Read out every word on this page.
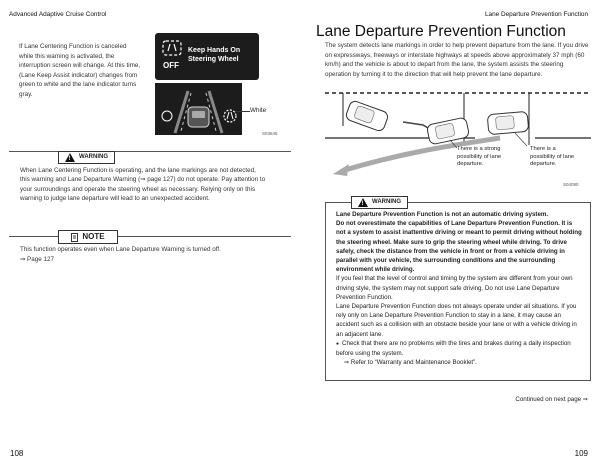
Advanced Adaptive Cruise Control
If Lane Centering Function is canceled while this warning is activated, the interruption screen will change. At this time, (Lane Keep Assist indicator) changes from green to white and the lane indicator turns gray.
OFF
Keep Hands On
Steering Wheel
White
S03645
!
WARNING
When Lane Centering Function is operating, and the lane markings are not detected, this warning and Lane Departure Warning (⇒ page 127) do not operate. Pay attention to your surroundings and operate the steering wheel as necessary. Relying only on this warning to judge lane departure will lead to an unexpected accident.
NOTE
This function operates even when Lane Departure Warning is turned off.
⇒ Page 127
108
Lane Departure Prevention Function
Lane Departure Prevention Function
The system detects lane markings in order to help prevent departure from the lane. If you drive on expressways, freeways or interstate highways at speeds above approximately 37 mph (60 km/h) and the vehicle is about to depart from the lane, the system assists the steering operation by turning it to the direction that will help prevent the lane departure.
There is a strong
possibility of lane
departure.
There is a
possibility of lane
departure.
S04080
!
WARNING
Lane Departure Prevention Function is not an automatic driving system.
Do not overestimate the capabilities of Lane Departure Prevention Function. It is not a system to assist inattentive driving or meant to permit driving without holding the steering wheel. Make sure to grip the steering wheel while driving. To drive safely, check the distance from the vehicle in front or from a vehicle driving in parallel with your vehicle, the surrounding conditions and the surrounding environment while driving.
If you feel that the level of control and timing by the system are different from your own driving style, the system may not support safe driving. Do not use Lane Departure Prevention Function.
Lane Departure Prevention Function does not always operate under all situations. If you rely only on Lane Departure Prevention Function to stay in a lane, it may cause an accident such as a collision with an obstacle beside your lane or with a vehicle driving in an adjacent lane.
● Check that there are no problems with the tires and brakes during a daily inspection before using the system.
⇒ Refer to “Warranty and Maintenance Booklet”.
Continued on next page ⇒
109
